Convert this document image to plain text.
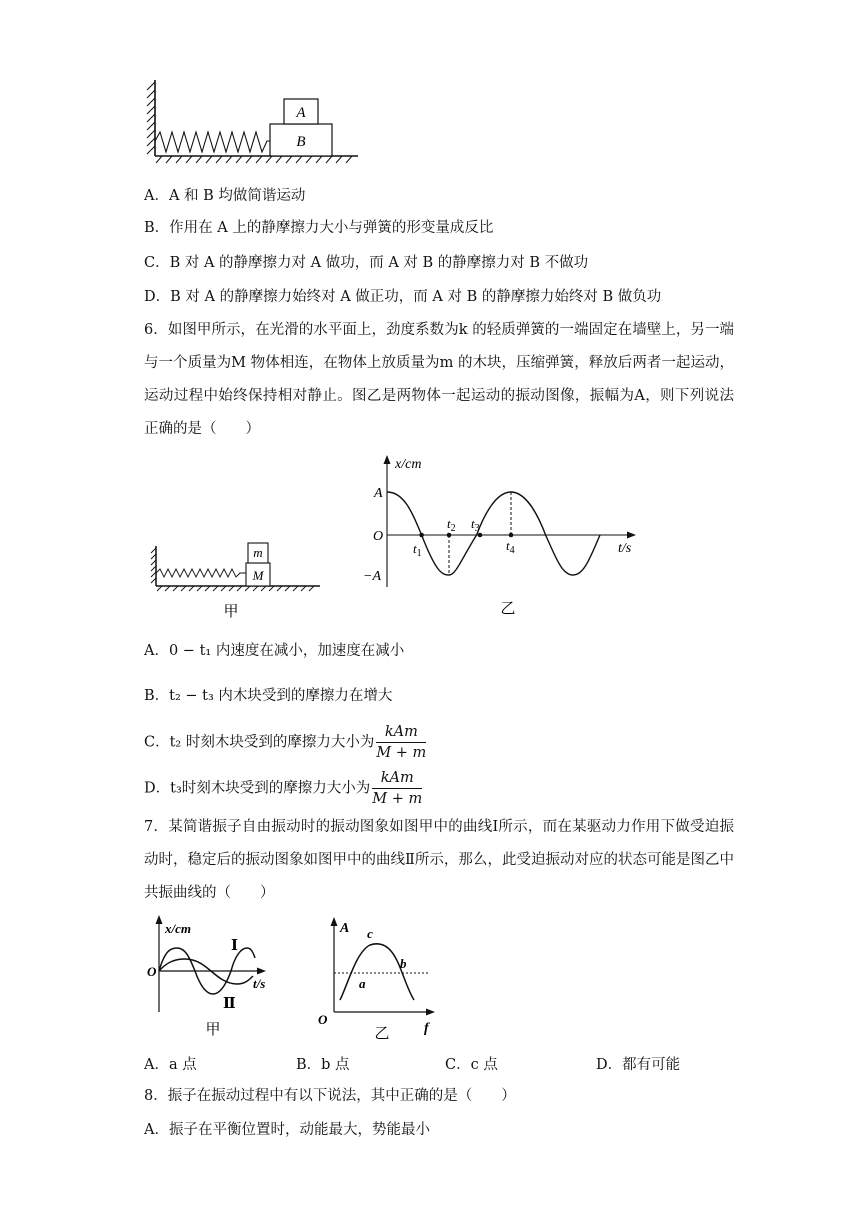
A
B
A．A 和 B 均做简谐运动
B．作用在 A 上的静摩擦力大小与弹簧的形变量成反比
C．B 对 A 的静摩擦力对 A 做功，而 A 对 B 的静摩擦力对 B 不做功
D．B 对 A 的静摩擦力始终对 A 做正功，而 A 对 B 的静摩擦力始终对 B 做负功
6．如图甲所示，在光滑的水平面上，劲度系数为k 的轻质弹簧的一端固定在墙壁上，另一端与一个质量为M 物体相连，在物体上放质量为m 的木块，压缩弹簧，释放后两者一起运动，运动过程中始终保持相对静止。图乙是两物体一起运动的振动图像，振幅为A，则下列说法正确的是（　　）
m
M
甲
x/cm
t/s
A
O
−A
$t_1$
$t_2$ $t_3$
$t_4$
乙
A．0 − t₁ 内速度在减小，加速度在减小
B．t₂ − t₃ 内木块受到的摩擦力在增大
C．t₂ 时刻木块受到的摩擦力大小为 $\frac{\text{kAm}}{M + m}$
D．t₃时刻木块受到的摩擦力大小为 $\frac{\text{kAm}}{M + m}$
7．某简谐振子自由振动时的振动图象如图甲中的曲线Ⅰ所示，而在某驱动力作用下做受迫振动时，稳定后的振动图象如图甲中的曲线Ⅱ所示，那么，此受迫振动对应的状态可能是图乙中共振曲线的（　　）
x/cm
t/s
O
Ⅰ
Ⅱ
甲
A
f
O
c
a
b
乙
A．a 点	B．b 点	C．c 点	D．都有可能
8．振子在振动过程中有以下说法，其中正确的是（　　）
A．振子在平衡位置时，动能最大，势能最小
